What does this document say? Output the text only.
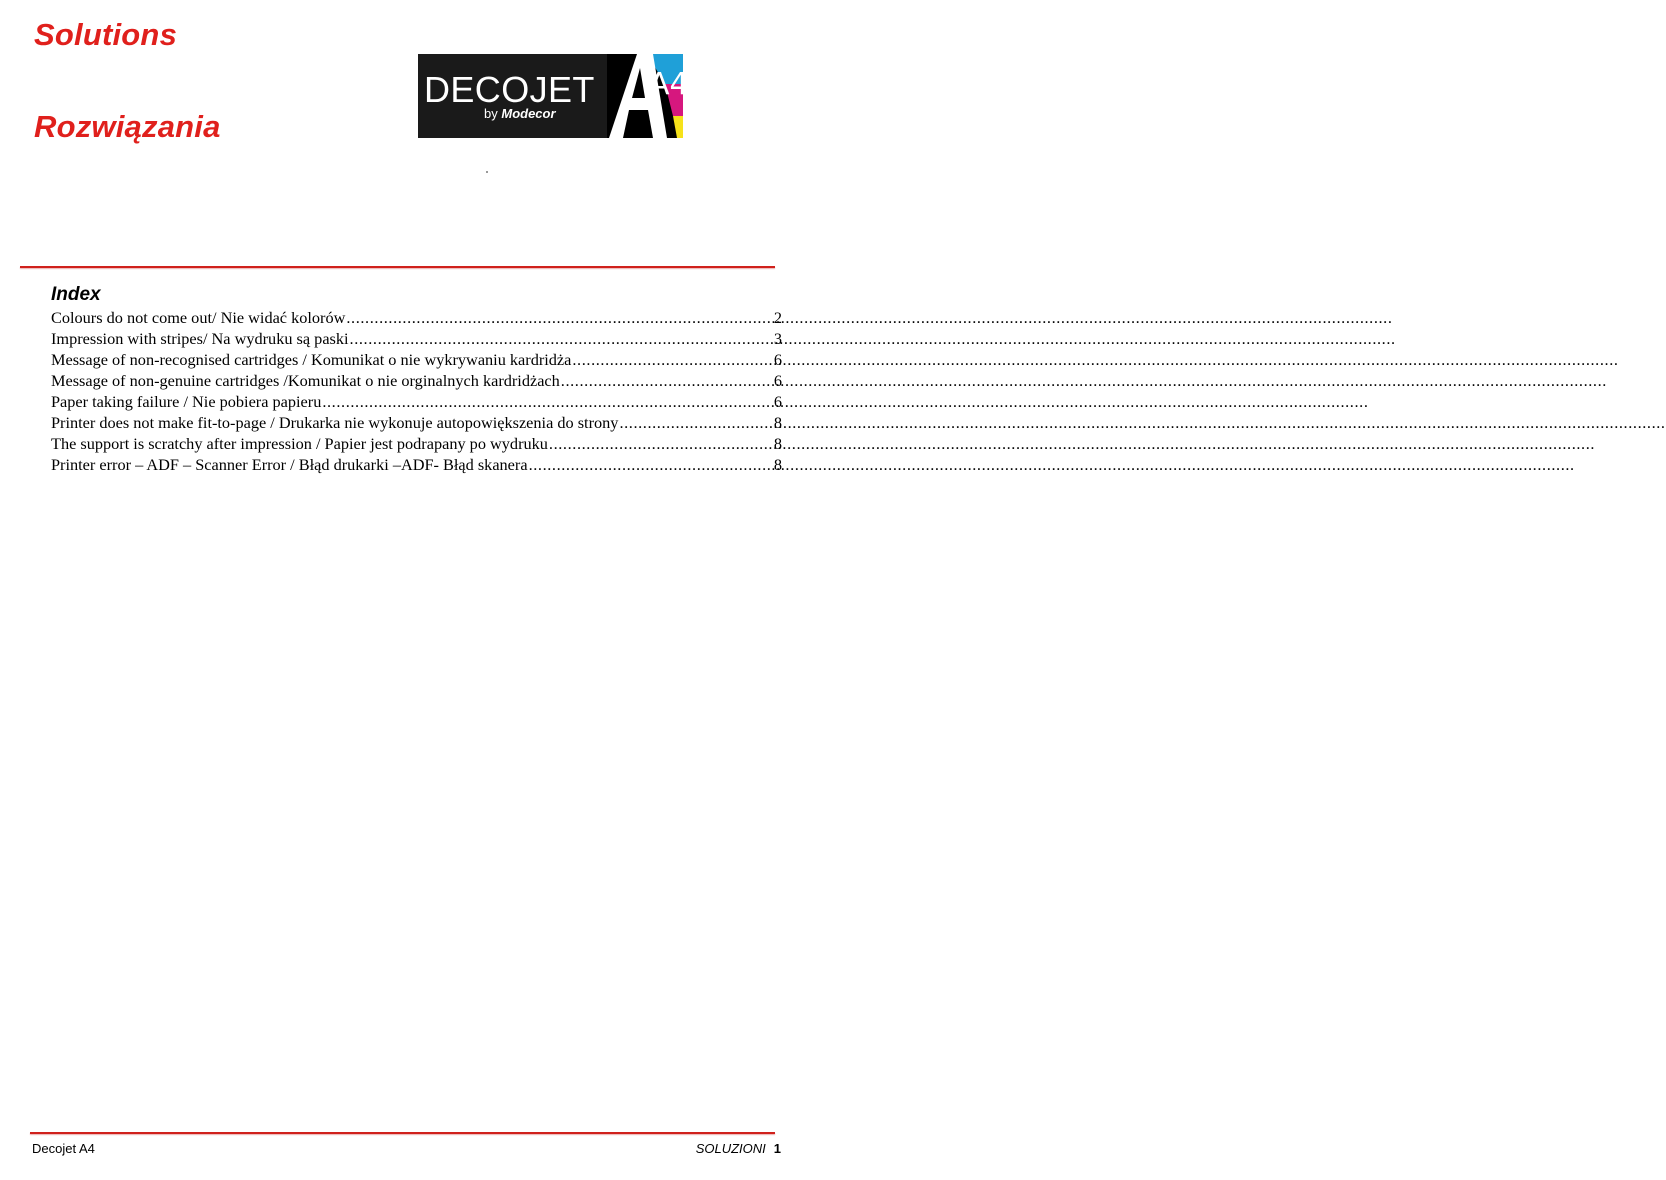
Solutions
Rozwiązania
DECOJET
by Modecor
A4
Index
Colours do not come out/ Nie widać kolorów .....	2
Impression with stripes/ Na wydruku są paski .....	3
Message of non-recognised cartridges / Komunikat o nie wykrywaniu kardridża .....	6
Message of non-genuine cartridges /Komunikat o nie orginalnych kardridżach .....	6
Paper taking failure / Nie pobiera papieru .....	6
Printer does not make fit-to-page / Drukarka nie wykonuje autopowiększenia do strony .....	8
The support is scratchy after impression / Papier jest podrapany po wydruku .....	8
Printer error – ADF – Scanner Error / Błąd drukarki –ADF- Błąd skanera .....	8
Decojet A4	SOLUZIONI 1
